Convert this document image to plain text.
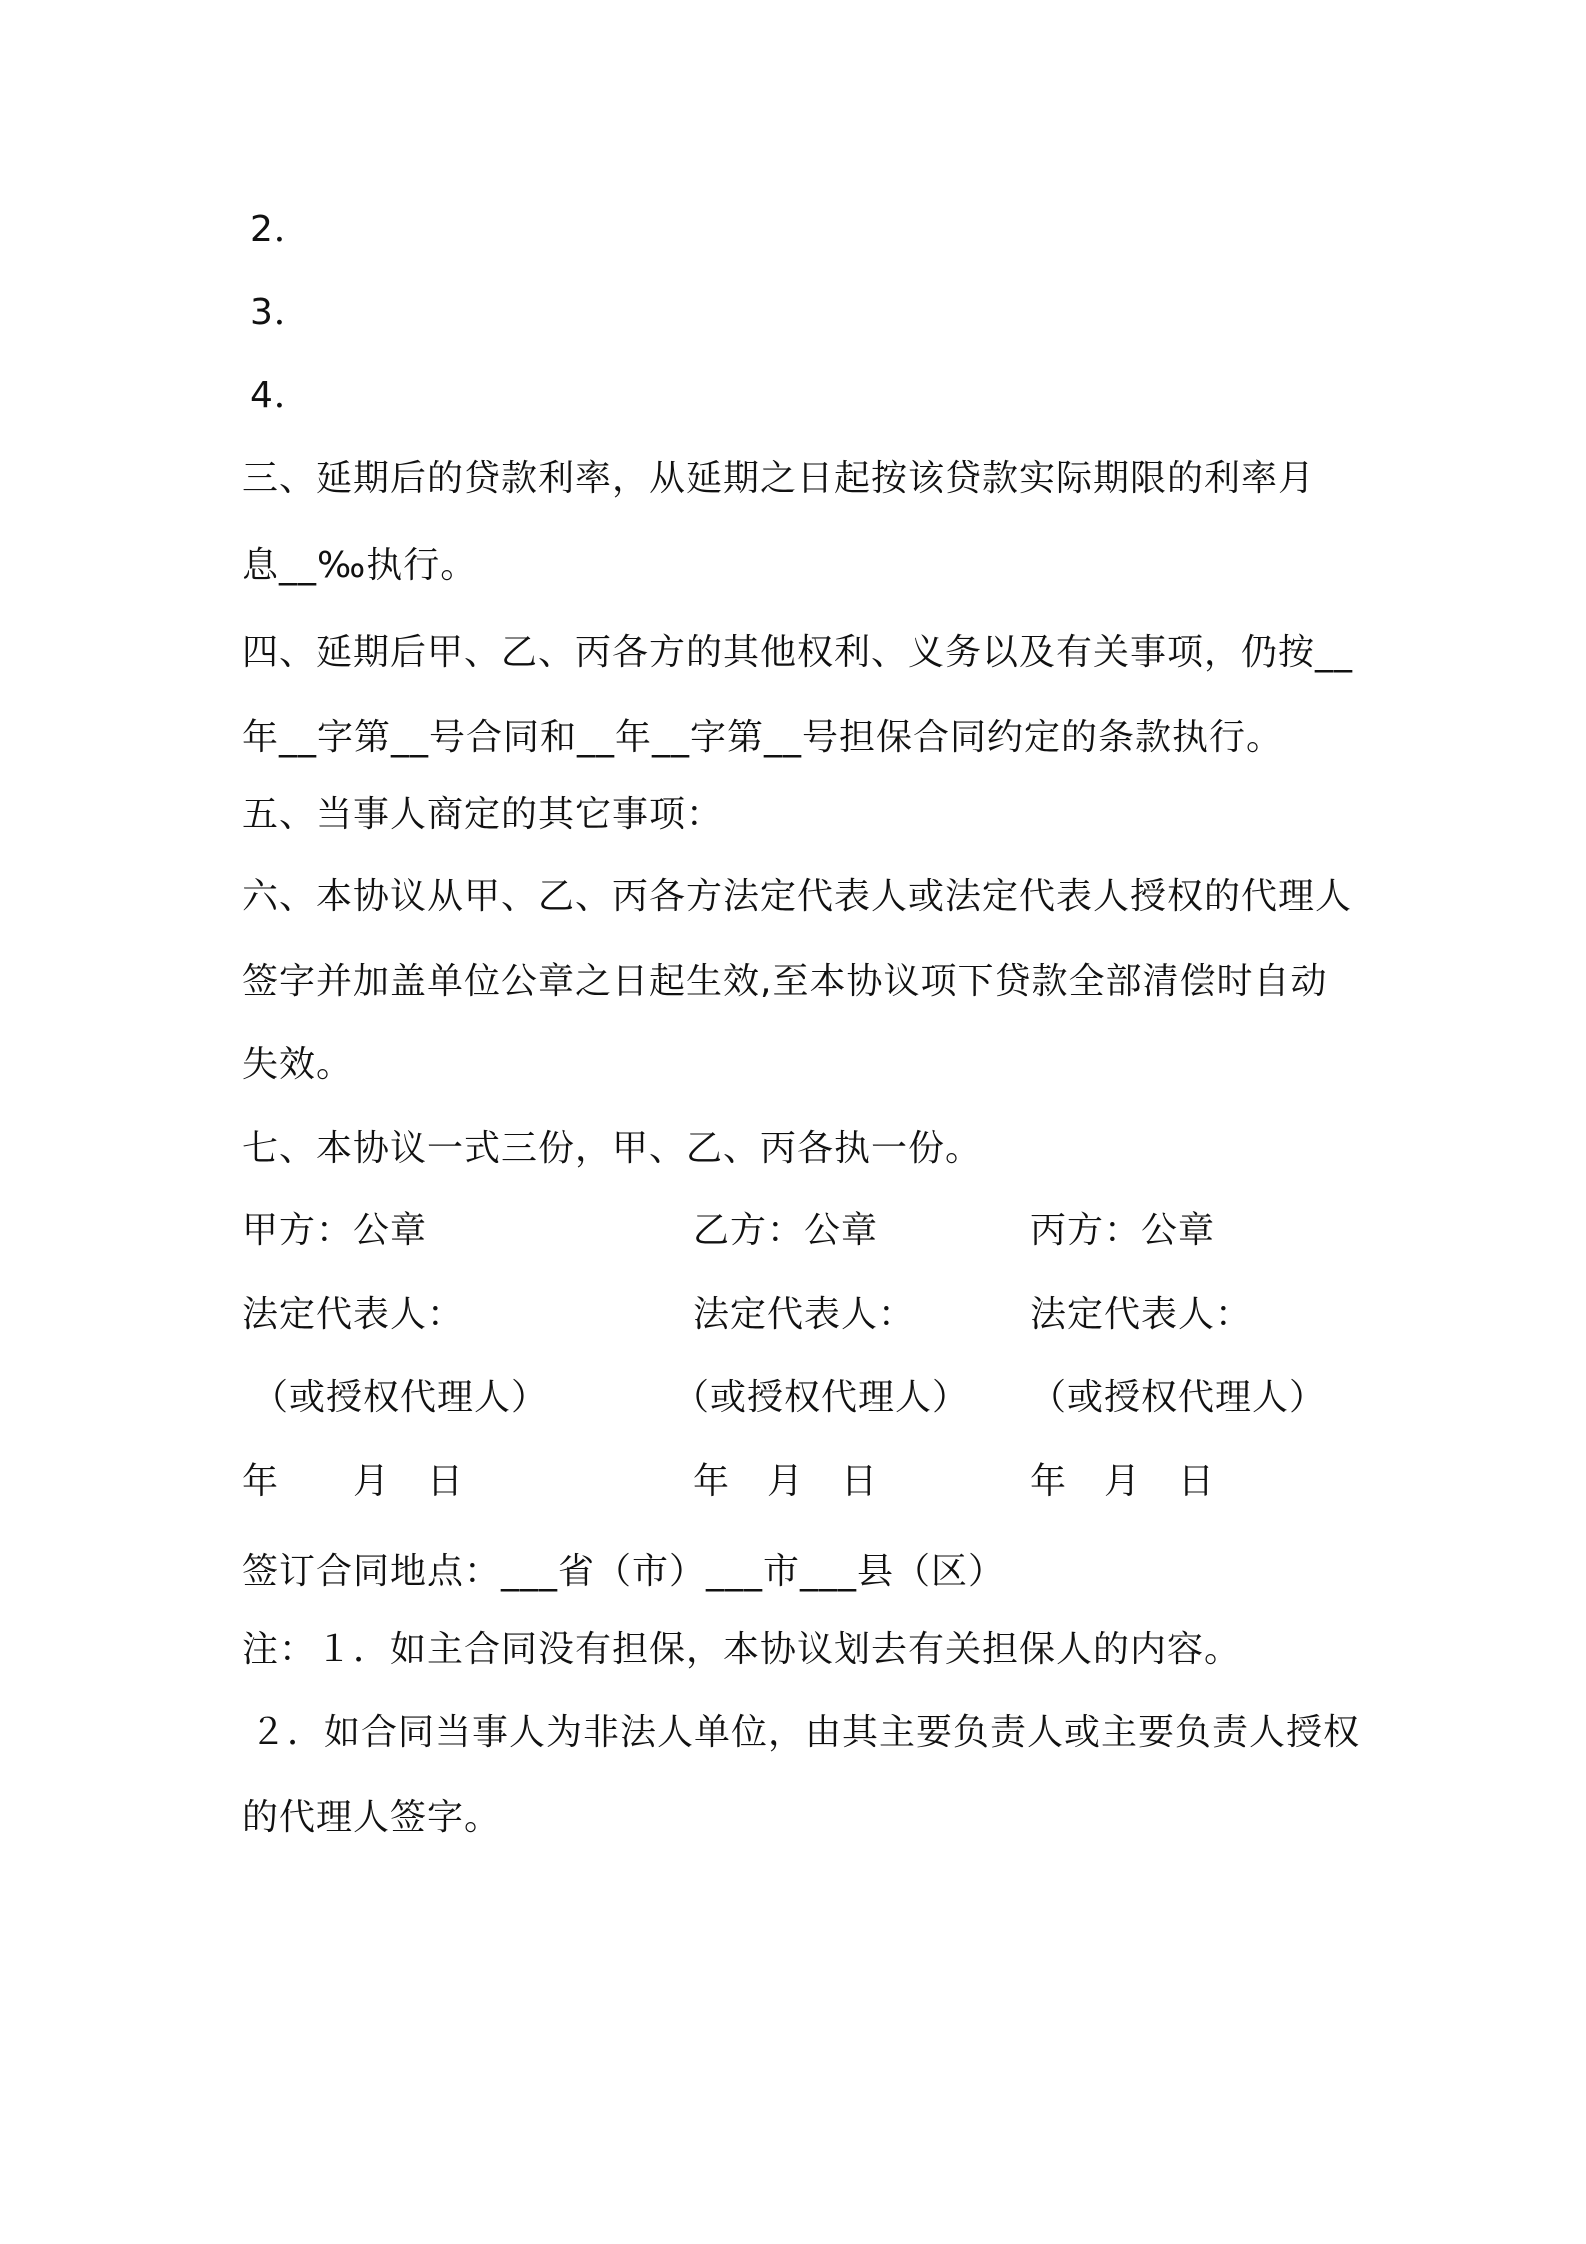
2．
3．
4．
三、延期后的贷款利率，从延期之日起按该贷款实际期限的利率月
息__‰执行。
四、延期后甲、乙、丙各方的其他权利、义务以及有关事项，仍按__
年__字第__号合同和__年__字第__号担保合同约定的条款执行。
五、当事人商定的其它事项：
六、本协议从甲、乙、丙各方法定代表人或法定代表人授权的代理人
签字并加盖单位公章之日起生效,至本协议项下贷款全部清偿时自动
失效。
七、本协议一式三份，甲、乙、丙各执一份。
甲方：公章	乙方：公章	丙方：公章
法定代表人：	法定代表人：	法定代表人：
（或授权代理人）	（或授权代理人） （或授权代理人）
年　　月　日	年　月　日	年　月　日
签订合同地点：___省（市）___市___县（区）
注：１．如主合同没有担保，本协议划去有关担保人的内容。
２．如合同当事人为非法人单位，由其主要负责人或主要负责人授权
的代理人签字。
